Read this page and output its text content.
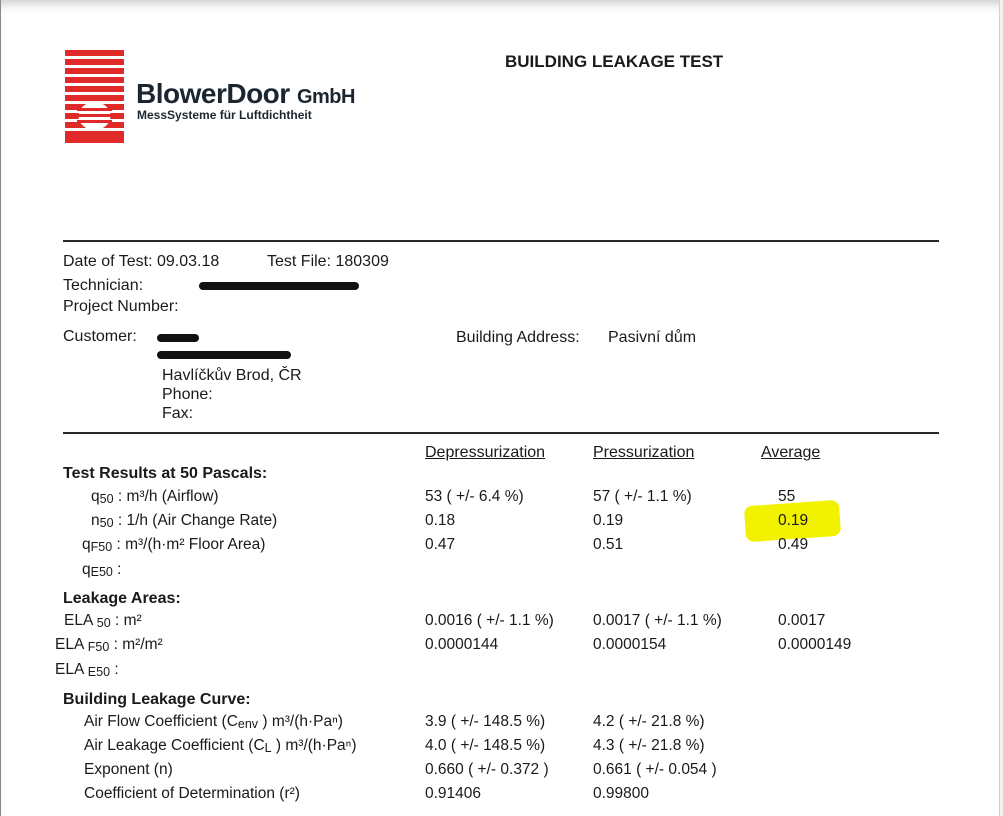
BlowerDoor GmbH
MessSysteme für Luftdichtheit
BUILDING LEAKAGE TEST
Date of Test: 09.03.18	Test File: 180309
Technician:
Project Number:
Customer:
Havlíčkův Brod, ČR
Phone:
Fax:
Building Address: Pasivní dům
Depressurization	Pressurization	Average
Test Results at 50 Pascals:
q50 : m³/h (Airflow)	53 ( +/- 6.4 %)	57 ( +/- 1.1 %)	55
n50 : 1/h (Air Change Rate)	0.18	0.19	0.19
qF50 : m³/(h·m² Floor Area)	0.47	0.51	0.49
qE50 :
Leakage Areas:
ELA 50 : m²	0.0016 ( +/- 1.1 %)	0.0017 ( +/- 1.1 %)	0.0017
ELA F50 : m²/m²	0.0000144	0.0000154	0.0000149
ELA E50 :
Building Leakage Curve:
Air Flow Coefficient (Cenv ) m³/(h·Paⁿ)	3.9 ( +/- 148.5 %)	4.2 ( +/- 21.8 %)
Air Leakage Coefficient (CL ) m³/(h·Paⁿ)	4.0 ( +/- 148.5 %)	4.3 ( +/- 21.8 %)
Exponent (n)	0.660 ( +/- 0.372 )	0.661 ( +/- 0.054 )
Coefficient of Determination (r²)	0.91406	0.99800
